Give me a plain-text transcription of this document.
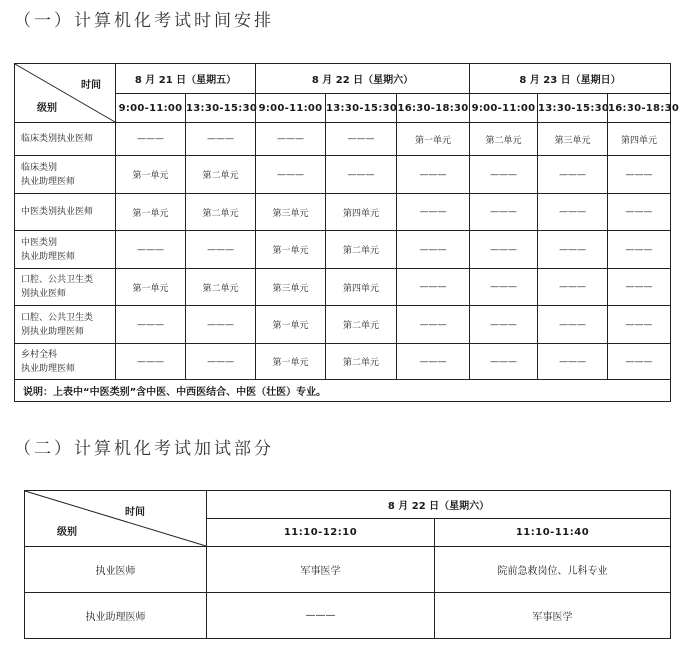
（一）计算机化考试时间安排
时间
级别	8 月 21 日（星期五）		8 月 22 日（星期六）			8 月 23 日（星期日）		
	9:00-11:00	13:30-15:30	9:00-11:00	13:30-15:30	16:30-18:30	9:00-11:00	13:30-15:30	16:30-18:30

临床类别执业医师	———	———	———	———	第一单元	第二单元	第三单元	第四单元

临床类别
执业助理医师	第一单元	第二单元	———	———	———	———	———	———

中医类别执业医师	第一单元	第二单元	第三单元	第四单元	———	———	———	———

中医类别
执业助理医师	———	———	第一单元	第二单元	———	———	———	———

口腔、公共卫生类
别执业医师	第一单元	第二单元	第三单元	第四单元	———	———	———	———

口腔、公共卫生类
别执业助理医师	———	———	第一单元	第二单元	———	———	———	———

乡村全科
执业助理医师	———	———	第一单元	第二单元	———	———	———	———
说明：上表中“中医类别”含中医、中西医结合、中医（壮医）专业。								
（二）计算机化考试加试部分
时间
级别	8 月 22 日（星期六）	
	11:10-12:10	11:10-11:40
执业医师	军事医学	院前急救岗位、儿科专业
执业助理医师	———	军事医学
